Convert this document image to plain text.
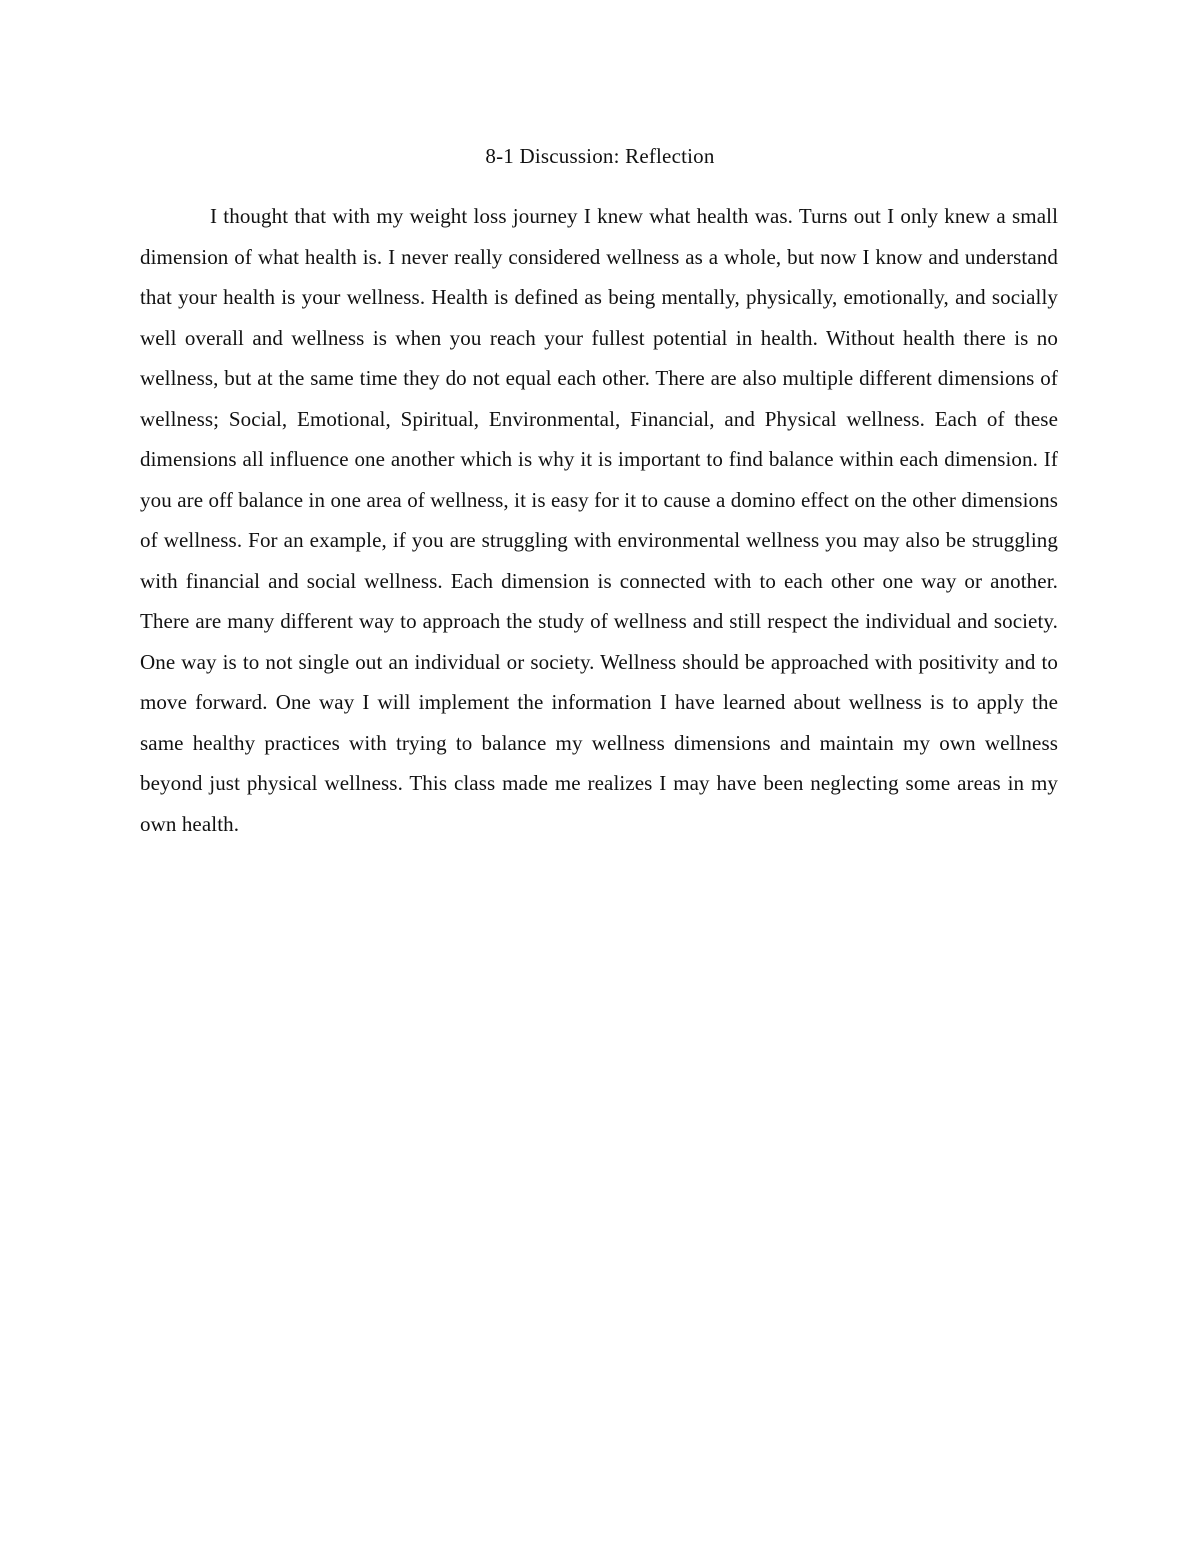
8-1 Discussion: Reflection

I thought that with my weight loss journey I knew what health was. Turns out I only knew a small dimension of what health is. I never really considered wellness as a whole, but now I know and understand that your health is your wellness. Health is defined as being mentally, physically, emotionally, and socially well overall and wellness is when you reach your fullest potential in health. Without health there is no wellness, but at the same time they do not equal each other. There are also multiple different dimensions of wellness; Social, Emotional, Spiritual, Environmental, Financial, and Physical wellness. Each of these dimensions all influence one another which is why it is important to find balance within each dimension. If you are off balance in one area of wellness, it is easy for it to cause a domino effect on the other dimensions of wellness. For an example, if you are struggling with environmental wellness you may also be struggling with financial and social wellness. Each dimension is connected with to each other one way or another. There are many different way to approach the study of wellness and still respect the individual and society. One way is to not single out an individual or society. Wellness should be approached with positivity and to move forward. One way I will implement the information I have learned about wellness is to apply the same healthy practices with trying to balance my wellness dimensions and maintain my own wellness beyond just physical wellness. This class made me realizes I may have been neglecting some areas in my own health.
